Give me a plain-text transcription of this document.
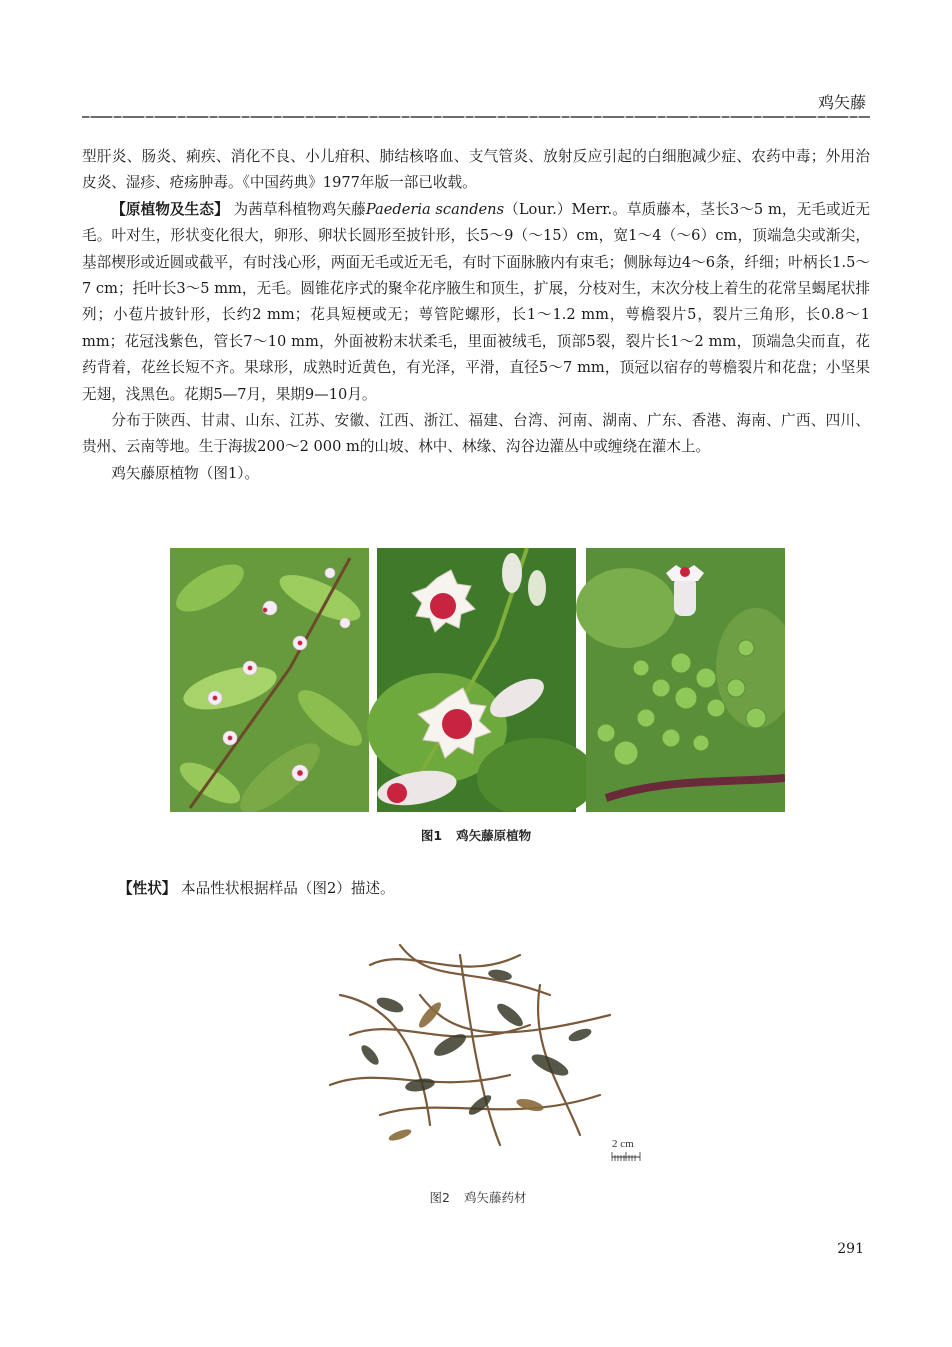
鸡矢藤

型肝炎、肠炎、痢疾、消化不良、小儿疳积、肺结核咯血、支气管炎、放射反应引起的白细胞减少症、农药中毒；外用治皮炎、湿疹、疮疡肿毒。《中国药典》1977年版一部已收载。

【原植物及生态】 为茜草科植物鸡矢藤Paederia scandens（Lour.）Merr.。草质藤本，茎长3～5 m，无毛或近无毛。叶对生，形状变化很大，卵形、卵状长圆形至披针形，长5～9（～15）cm，宽1～4（～6）cm，顶端急尖或渐尖，基部楔形或近圆或截平，有时浅心形，两面无毛或近无毛，有时下面脉腋内有束毛；侧脉每边4～6条，纤细；叶柄长1.5～7 cm；托叶长3～5 mm，无毛。圆锥花序式的聚伞花序腋生和顶生，扩展，分枝对生，末次分枝上着生的花常呈蝎尾状排列；小苞片披针形，长约2 mm；花具短梗或无；萼管陀螺形，长1～1.2 mm，萼檐裂片5，裂片三角形，长0.8～1 mm；花冠浅紫色，管长7～10 mm，外面被粉末状柔毛，里面被绒毛，顶部5裂，裂片长1～2 mm，顶端急尖而直，花药背着，花丝长短不齐。果球形，成熟时近黄色，有光泽，平滑，直径5～7 mm，顶冠以宿存的萼檐裂片和花盘；小坚果无翅，浅黑色。花期5—7月，果期9—10月。

分布于陕西、甘肃、山东、江苏、安徽、江西、浙江、福建、台湾、河南、湖南、广东、香港、海南、广西、四川、贵州、云南等地。生于海拔200～2 000 m的山坡、林中、林缘、沟谷边灌丛中或缠绕在灌木上。

鸡矢藤原植物（图1）。

图1 鸡矢藤原植物
【性状】 本品性状根据样品（图2）描述。
2 cm
图2 鸡矢藤药材
291
